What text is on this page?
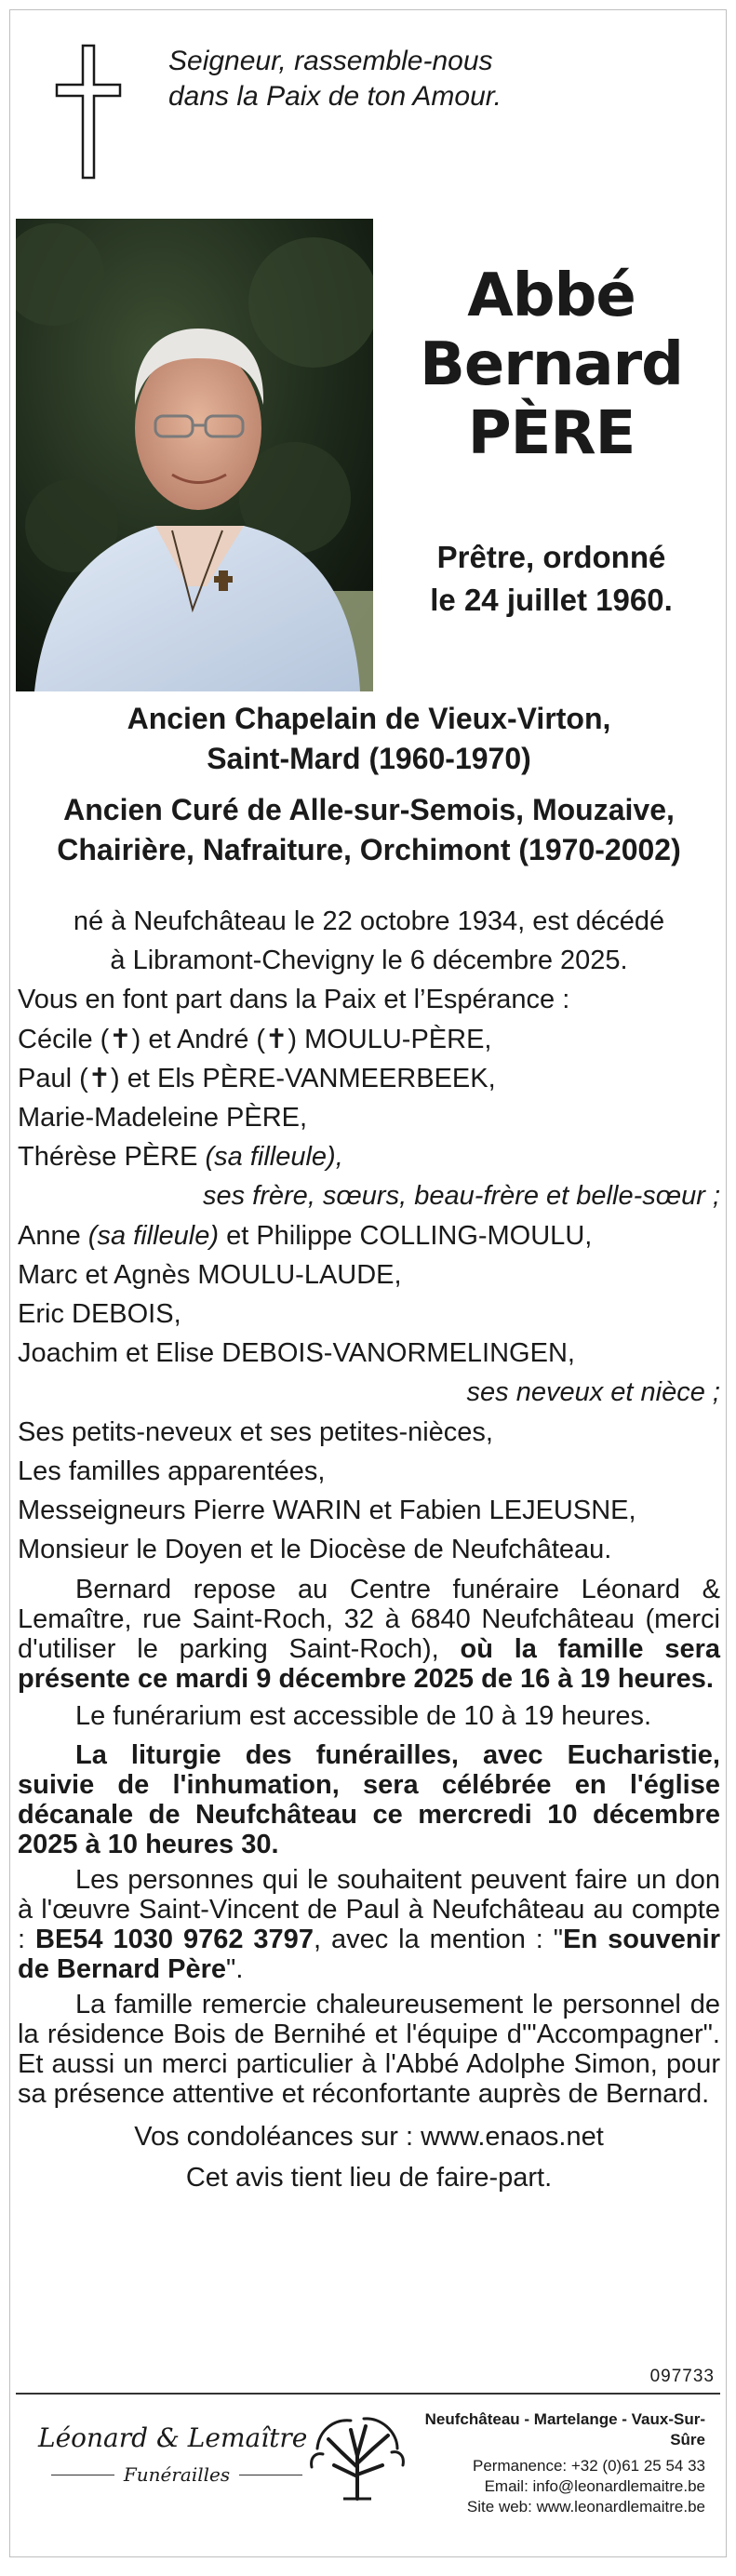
Seigneur, rassemble-nous
dans la Paix de ton Amour.
Abbé
Bernard
PÈRE
Prêtre, ordonné
le 24 juillet 1960.
Ancien Chapelain de Vieux-Virton,
Saint-Mard (1960-1970)
Ancien Curé de Alle-sur-Semois, Mouzaive,
Chairière, Nafraiture, Orchimont (1970-2002)
né à Neufchâteau le 22 octobre 1934, est décédé
à Libramont-Chevigny le 6 décembre 2025.
Vous en font part dans la Paix et l’Espérance :
Cécile (✝) et André (✝) MOULU-PÈRE,
Paul (✝) et Els PÈRE-VANMEERBEEK,
Marie-Madeleine PÈRE,
Thérèse PÈRE (sa filleule),
ses frère, sœurs, beau-frère et belle-sœur ;
Anne (sa filleule) et Philippe COLLING-MOULU,
Marc et Agnès MOULU-LAUDE,
Eric DEBOIS,
Joachim et Elise DEBOIS-VANORMELINGEN,
ses neveux et nièce ;
Ses petits-neveux et ses petites-nièces,
Les familles apparentées,
Messeigneurs Pierre WARIN et Fabien LEJEUSNE,
Monsieur le Doyen et le Diocèse de Neufchâteau.
Bernard repose au Centre funéraire Léonard & Lemaître, rue Saint-Roch, 32 à 6840 Neufchâteau (merci d'utiliser le parking Saint-Roch), où la famille sera présente ce mardi 9 décembre 2025 de 16 à 19 heures.
Le funérarium est accessible de 10 à 19 heures.
La liturgie des funérailles, avec Eucharistie, suivie de l'inhumation, sera célébrée en l'église décanale de Neufchâteau ce mercredi 10 décembre 2025 à 10 heures 30.
Les personnes qui le souhaitent peuvent faire un don à l'œuvre Saint-Vincent de Paul à Neufchâteau au compte : BE54 1030 9762 3797, avec la mention : "En souvenir de Bernard Père".
La famille remercie chaleureusement le personnel de la résidence Bois de Bernihé et l'équipe d'"Accompagner". Et aussi un merci particulier à l'Abbé Adolphe Simon, pour sa présence attentive et réconfortante auprès de Bernard.
Vos condoléances sur : www.enaos.net
Cet avis tient lieu de faire-part.
097733
Léonard & Lemaître
Funérailles
Neufchâteau - Martelange - Vaux-Sur-Sûre
Permanence: +32 (0)61 25 54 33
Email: info@leonardlemaitre.be
Site web: www.leonardlemaitre.be
